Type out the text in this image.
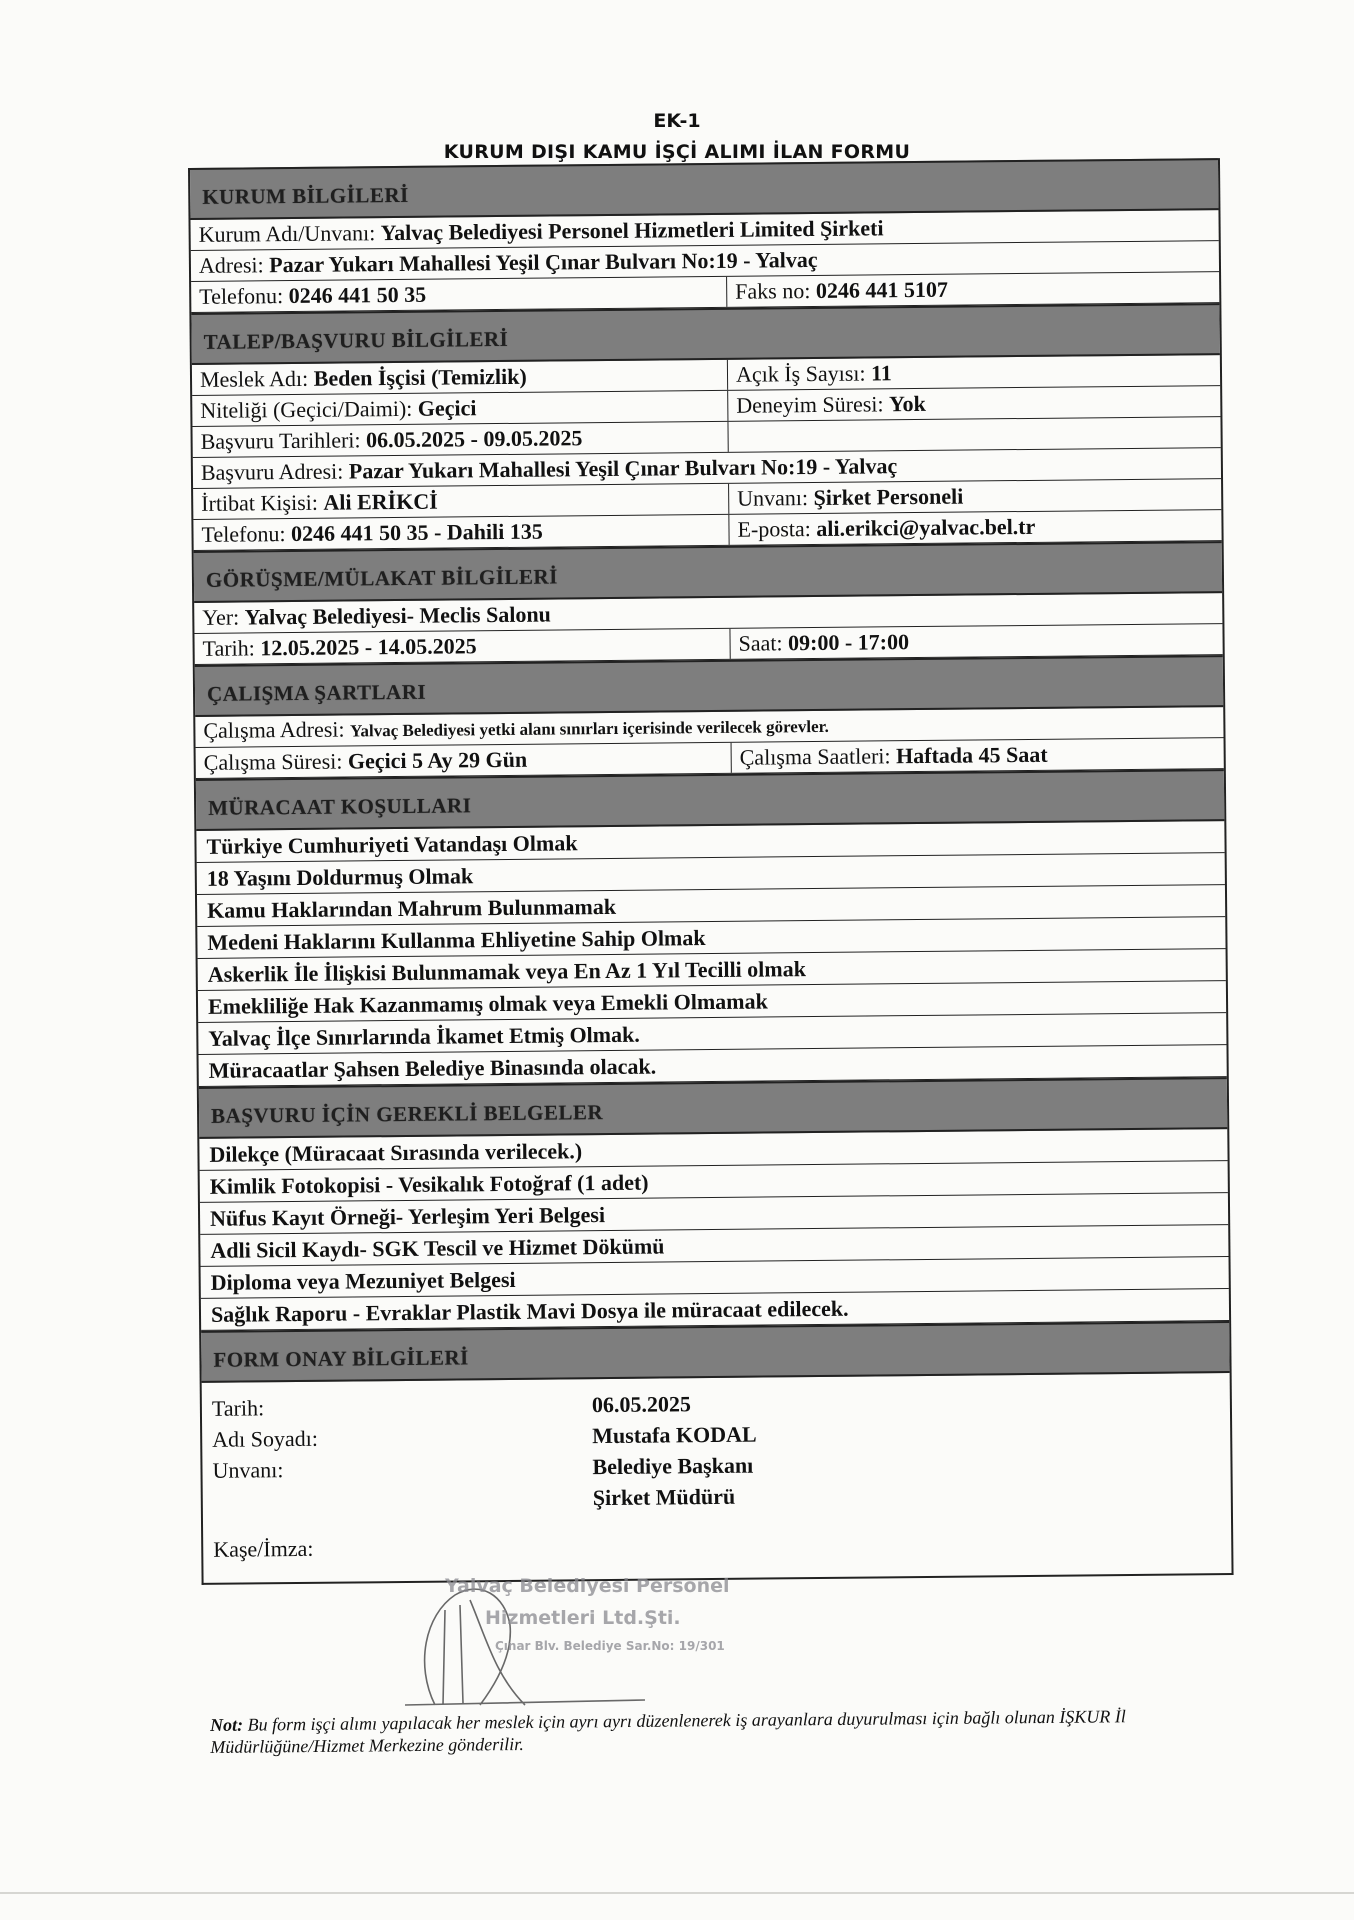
EK-1
KURUM DIŞI KAMU İŞÇİ ALIMI İLAN FORMU
KURUM BİLGİLERİ
Kurum Adı/Unvanı: Yalvaç Belediyesi Personel Hizmetleri Limited Şirketi
Adresi: Pazar Yukarı Mahallesi Yeşil Çınar Bulvarı No:19 - Yalvaç
Telefonu: 0246 441 50 35	Faks no: 0246 441 5107
TALEP/BAŞVURU BİLGİLERİ
Meslek Adı: Beden İşçisi (Temizlik)	Açık İş Sayısı: 11
Niteliği (Geçici/Daimi): Geçici	Deneyim Süresi: Yok
Başvuru Tarihleri: 06.05.2025 - 09.05.2025
Başvuru Adresi: Pazar Yukarı Mahallesi Yeşil Çınar Bulvarı No:19 - Yalvaç
İrtibat Kişisi: Ali ERİKCİ	Unvanı: Şirket Personeli
Telefonu: 0246 441 50 35 - Dahili 135	E-posta: ali.erikci@yalvac.bel.tr
GÖRÜŞME/MÜLAKAT BİLGİLERİ
Yer: Yalvaç Belediyesi- Meclis Salonu
Tarih: 12.05.2025 - 14.05.2025	Saat: 09:00 - 17:00
ÇALIŞMA ŞARTLARI
Çalışma Adresi: Yalvaç Belediyesi yetki alanı sınırları içerisinde verilecek görevler.
Çalışma Süresi: Geçici 5 Ay 29 Gün	Çalışma Saatleri: Haftada 45 Saat
MÜRACAAT KOŞULLARI
Türkiye Cumhuriyeti Vatandaşı Olmak
18 Yaşını Doldurmuş Olmak
Kamu Haklarından Mahrum Bulunmamak
Medeni Haklarını Kullanma Ehliyetine Sahip Olmak
Askerlik İle İlişkisi Bulunmamak veya En Az 1 Yıl Tecilli olmak
Emekliliğe Hak Kazanmamış olmak veya Emekli Olmamak
Yalvaç İlçe Sınırlarında İkamet Etmiş Olmak.
Müracaatlar Şahsen Belediye Binasında olacak.
BAŞVURU İÇİN GEREKLİ BELGELER
Dilekçe (Müracaat Sırasında verilecek.)
Kimlik Fotokopisi - Vesikalık Fotoğraf (1 adet)
Nüfus Kayıt Örneği- Yerleşim Yeri Belgesi
Adli Sicil Kaydı- SGK Tescil ve Hizmet Dökümü
Diploma veya Mezuniyet Belgesi
Sağlık Raporu - Evraklar Plastik Mavi Dosya ile müracaat edilecek.
FORM ONAY BİLGİLERİ
Tarih:	06.05.2025
Adı Soyadı:	Mustafa KODAL
Unvanı:	Belediye Başkanı
Şirket Müdürü
Kaşe/İmza:
Yalvaç Belediyesi Personel
Hizmetleri Ltd.Şti.
Çınar Blv. Belediye Sar.No: 19/301
Not: Bu form işçi alımı yapılacak her meslek için ayrı ayrı düzenlenerek iş arayanlara duyurulması için bağlı olunan İŞKUR İl Müdürlüğüne/Hizmet Merkezine gönderilir.
